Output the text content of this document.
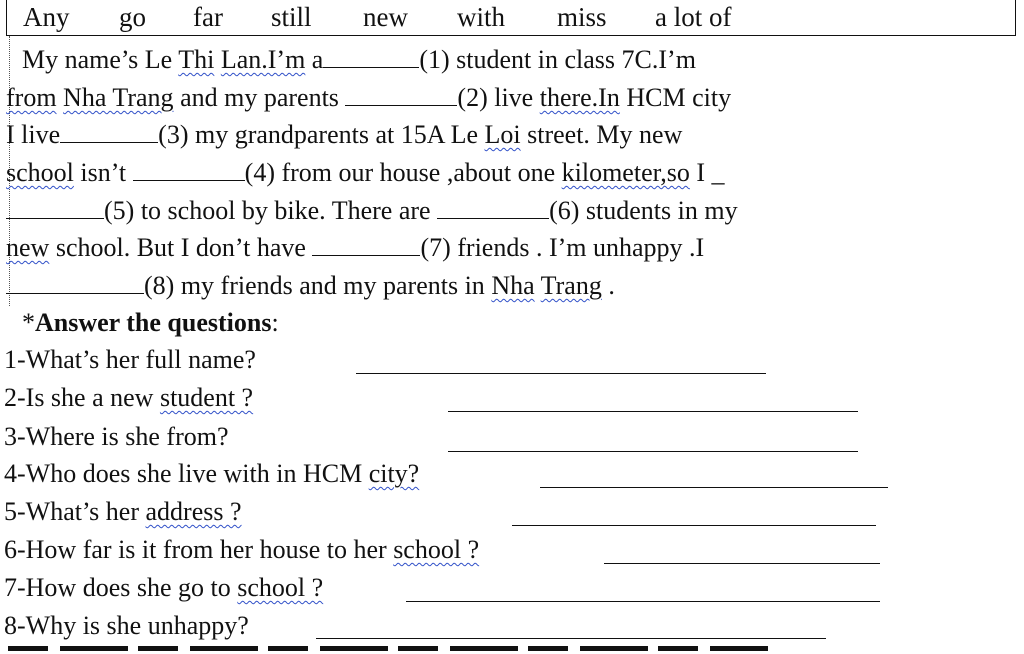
Any go far still new with miss a lot of
My name’s Le Thi Lan.I’m a	(1) student in class 7C.I’m
from Nha Trang and my parents	(2) live there.In HCM city
I live	(3) my grandparents at 15A Le Loi street. My new
school isn’t	(4) from our house ,about one kilometer,so I _
(5) to school by bike. There are	(6) students in my
new school. But I don’t have	(7) friends . I’m unhappy .I
(8) my friends and my parents in Nha Trang .
*Answer the questions:
1-What’s her full name?
2-Is she a new student ?
3-Where is she from?
4-Who does she live with in HCM city?
5-What’s her address ?
6-How far is it from her house to her school ?
7-How does she go to school ?
8-Why is she unhappy?
